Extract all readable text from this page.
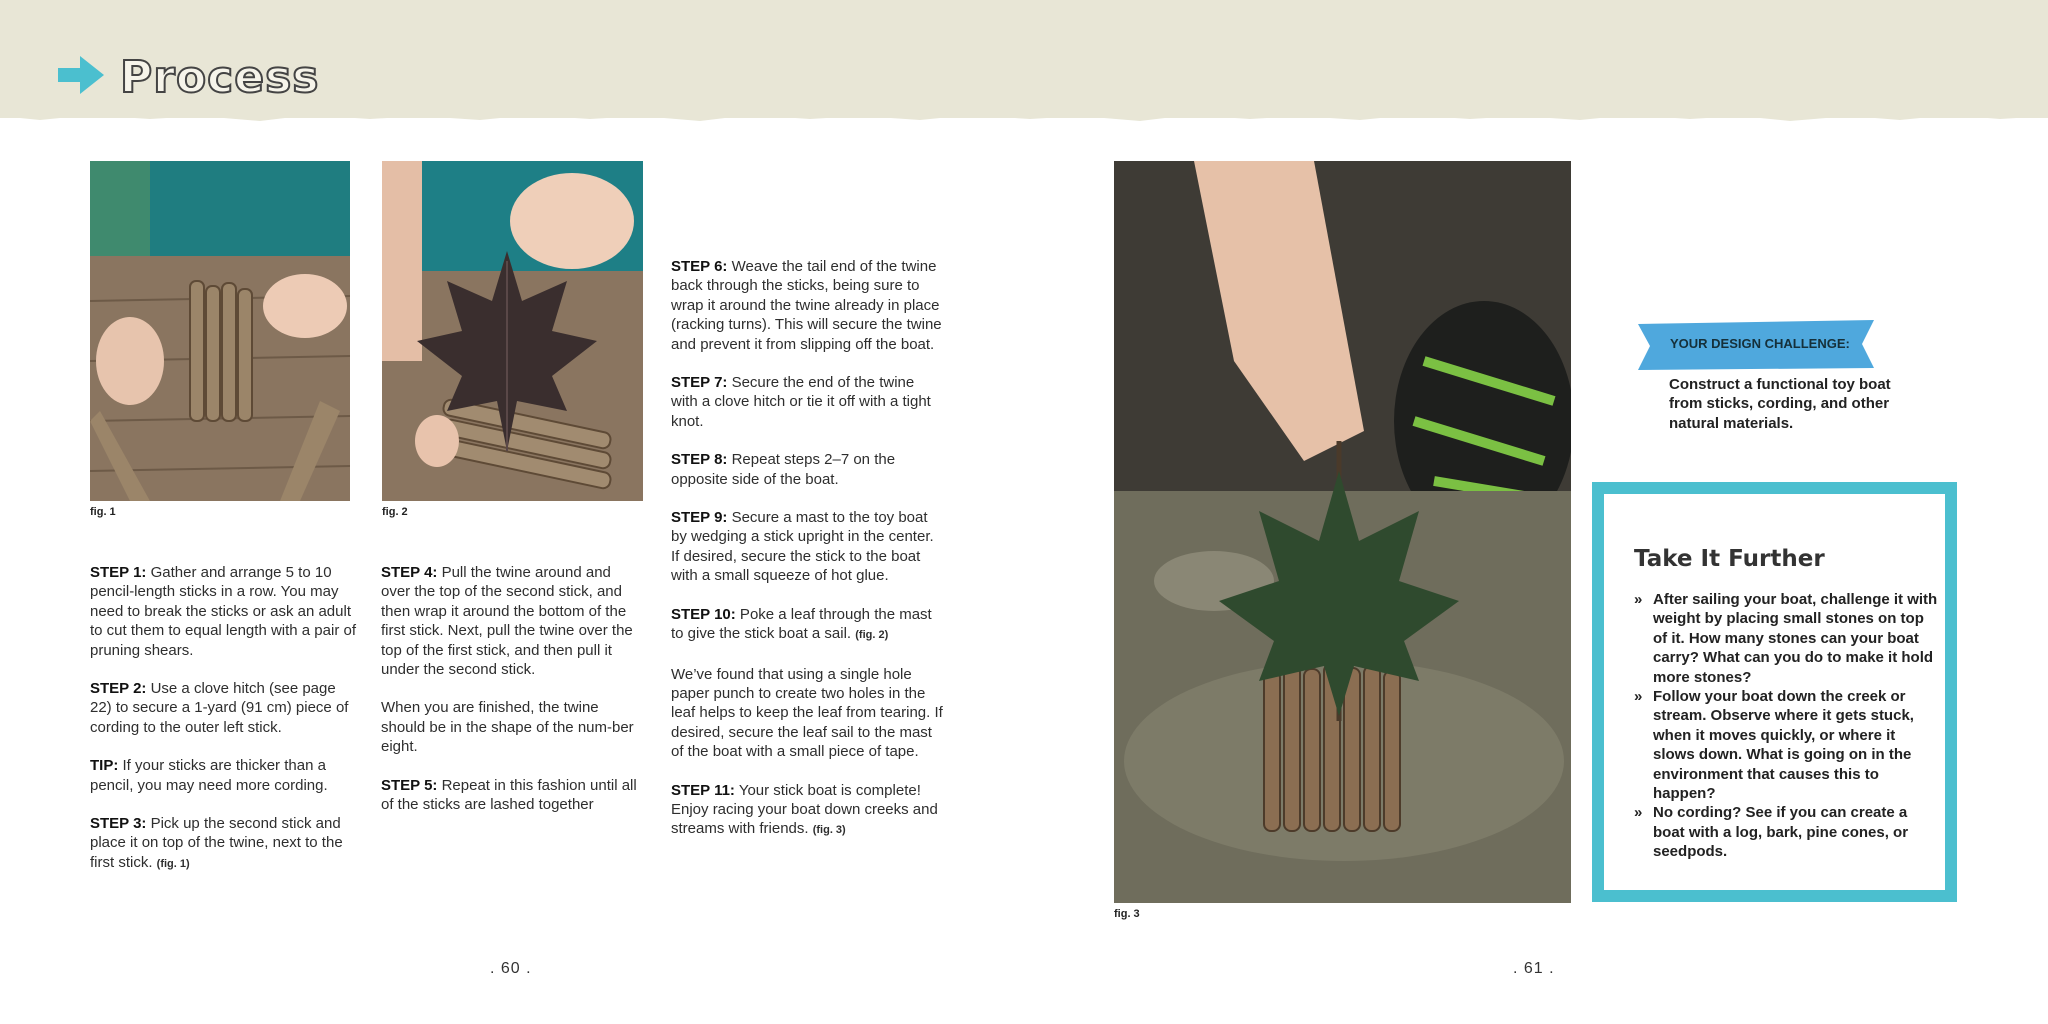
Process
fig. 1	fig. 2

STEP 1: Gather and arrange 5 to 10 pencil-length sticks in a row. You may need to break the sticks or ask an adult to cut them to equal length with a pair of pruning shears.

STEP 2: Use a clove hitch (see page 22) to secure a 1-yard (91 cm) piece of cording to the outer left stick.

TIP: If your sticks are thicker than a pencil, you may need more cording.

STEP 3: Pick up the second stick and place it on top of the twine, next to the first stick. (fig. 1)

STEP 4: Pull the twine around and over the top of the second stick, and then wrap it around the bottom of the first stick. Next, pull the twine over the top of the first stick, and then pull it under the second stick.

When you are finished, the twine should be in the shape of the num-ber eight.

STEP 5: Repeat in this fashion until all of the sticks are lashed together

STEP 6: Weave the tail end of the twine back through the sticks, being sure to wrap it around the twine already in place (racking turns). This will secure the twine and prevent it from slipping off the boat.

STEP 7: Secure the end of the twine with a clove hitch or tie it off with a tight knot.

STEP 8: Repeat steps 2–7 on the opposite side of the boat.

STEP 9: Secure a mast to the toy boat by wedging a stick upright in the center. If desired, secure the stick to the boat with a small squeeze of hot glue.

STEP 10: Poke a leaf through the mast to give the stick boat a sail. (fig. 2)

We’ve found that using a single hole paper punch to create two holes in the leaf helps to keep the leaf from tearing. If desired, secure the leaf sail to the mast of the boat with a small piece of tape.

STEP 11: Your stick boat is complete! Enjoy racing your boat down creeks and streams with friends. (fig. 3)

. 60 .
fig. 3
YOUR DESIGN CHALLENGE:
Construct a functional toy boat from sticks, cording, and other natural materials.
Take It Further
» After sailing your boat, challenge it with weight by placing small stones on top of it. How many stones can your boat carry? What can you do to make it hold more stones?
» Follow your boat down the creek or stream. Observe where it gets stuck, when it moves quickly, or where it slows down. What is going on in the environment that causes this to happen?
» No cording? See if you can create a boat with a log, bark, pine cones, or seedpods.
. 61 .
